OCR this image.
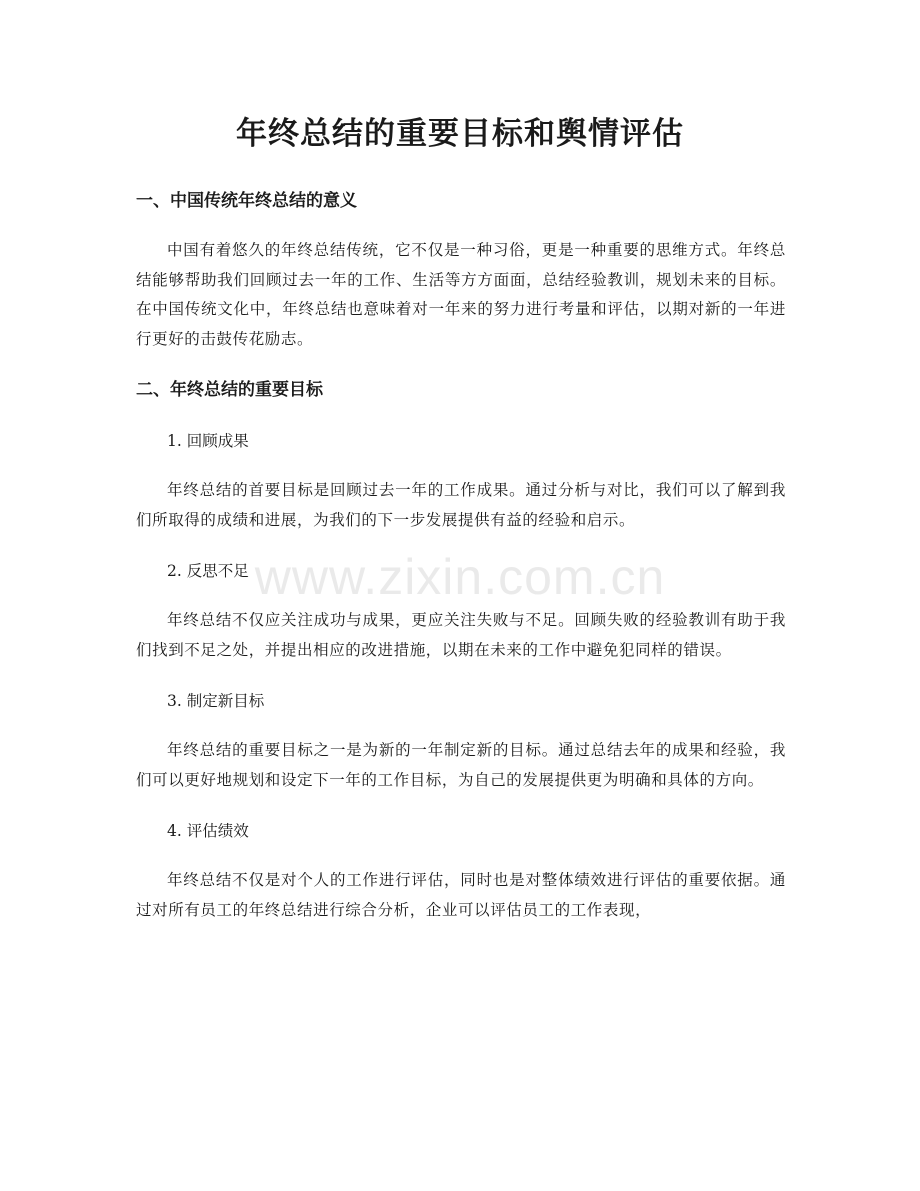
年终总结的重要目标和舆情评估
一、中国传统年终总结的意义

中国有着悠久的年终总结传统，它不仅是一种习俗，更是一种重要的思维方式。年终总结能够帮助我们回顾过去一年的工作、生活等方方面面，总结经验教训，规划未来的目标。在中国传统文化中，年终总结也意味着对一年来的努力进行考量和评估，以期对新的一年进行更好的击鼓传花励志。

二、年终总结的重要目标

1. 回顾成果

年终总结的首要目标是回顾过去一年的工作成果。通过分析与对比，我们可以了解到我们所取得的成绩和进展，为我们的下一步发展提供有益的经验和启示。

2. 反思不足

年终总结不仅应关注成功与成果，更应关注失败与不足。回顾失败的经验教训有助于我们找到不足之处，并提出相应的改进措施，以期在未来的工作中避免犯同样的错误。

3. 制定新目标

年终总结的重要目标之一是为新的一年制定新的目标。通过总结去年的成果和经验，我们可以更好地规划和设定下一年的工作目标，为自己的发展提供更为明确和具体的方向。

4. 评估绩效

年终总结不仅是对个人的工作进行评估，同时也是对整体绩效进行评估的重要依据。通过对所有员工的年终总结进行综合分析，企业可以评估员工的工作表现，

www.zixin.com.cn
